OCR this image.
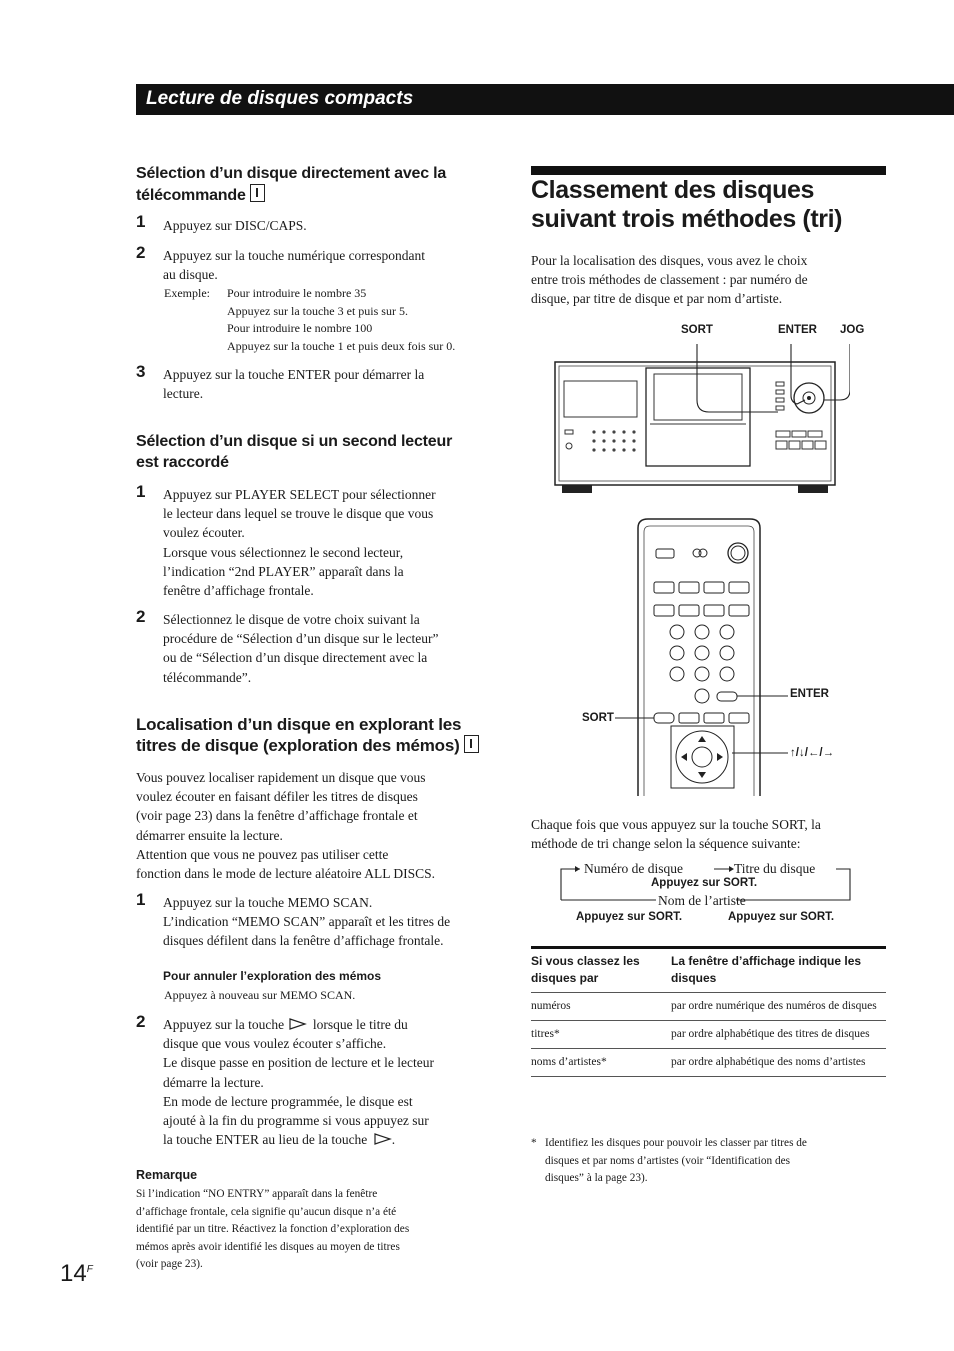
Lecture de disques compacts
Sélection d’un disque directement avec la
télécommande
1 Appuyez sur DISC/CAPS.
2 Appuyez sur la touche numérique correspondant
au disque.
Exemple: Pour introduire le nombre 35
Appuyez sur la touche 3 et puis sur 5.
Pour introduire le nombre 100
Appuyez sur la touche 1 et puis deux fois sur 0.
3 Appuyez sur la touche ENTER pour démarrer la
lecture.
Sélection d’un disque si un second lecteur
est raccordé
1 Appuyez sur PLAYER SELECT pour sélectionner
le lecteur dans lequel se trouve le disque que vous
voulez écouter.
Lorsque vous sélectionnez le second lecteur,
l’indication “2nd PLAYER” apparaît dans la
fenêtre d’affichage frontale.
2 Sélectionnez le disque de votre choix suivant la
procédure de “Sélection d’un disque sur le lecteur”
ou de “Sélection d’un disque directement avec la
télécommande”.
Localisation d’un disque en explorant les
titres de disque (exploration des mémos)
Vous pouvez localiser rapidement un disque que vous
voulez écouter en faisant défiler les titres de disques
(voir page 23) dans la fenêtre d’affichage frontale et
démarrer ensuite la lecture.
Attention que vous ne pouvez pas utiliser cette
fonction dans le mode de lecture aléatoire ALL DISCS.
1 Appuyez sur la touche MEMO SCAN.
L’indication “MEMO SCAN” apparaît et les titres de
disques défilent dans la fenêtre d’affichage frontale.
Pour annuler l’exploration des mémos
Appuyez à nouveau sur MEMO SCAN.
2 Appuyez sur la touche lorsque le titre du
disque que vous voulez écouter s’affiche.
Le disque passe en position de lecture et le lecteur
démarre la lecture.
En mode de lecture programmée, le disque est
ajouté à la fin du programme si vous appuyez sur
la touche ENTER au lieu de la touche .
Remarque
Si l’indication “NO ENTRY” apparaît dans la fenêtre
d’affichage frontale, cela signifie qu’aucun disque n’a été
identifié par un titre. Réactivez la fonction d’exploration des
mémos après avoir identifié les disques au moyen de titres
(voir page 23).
$14^F$
Classement des disques
suivant trois méthodes (tri)
Pour la localisation des disques, vous avez le choix
entre trois méthodes de classement : par numéro de
disque, par titre de disque et par nom d’artiste.
SORT	ENTER JOG
ENTER
SORT
↑/↓/←/→
Chaque fois que vous appuyez sur la touche SORT, la
méthode de tri change selon la séquence suivante:
Numéro de disque	Titre du disque
Appuyez sur SORT.
Nom de l’artiste
Appuyez sur SORT.	Appuyez sur SORT.
Si vous classez les disques par	La fenêtre d’affichage indique les disques
numéros	par ordre numérique des numéros de disques
titres*	par ordre alphabétique des titres de disques
noms d’artistes*	par ordre alphabétique des noms d’artistes
* Identifiez les disques pour pouvoir les classer par titres de
disques et par noms d’artistes (voir “Identification des
disques” à la page 23).
